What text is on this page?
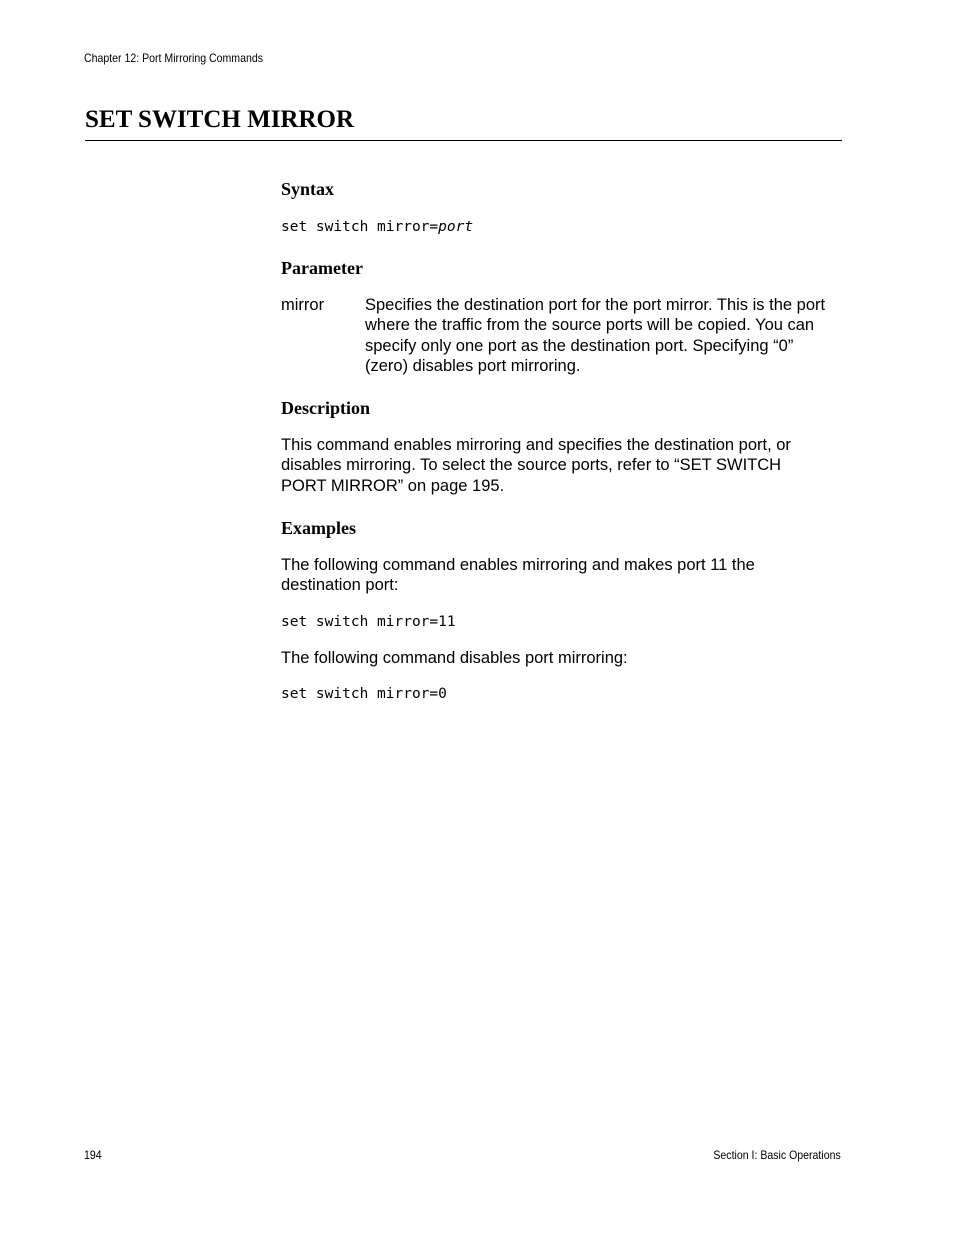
Chapter 12: Port Mirroring Commands
SET SWITCH MIRROR
Syntax

set switch mirror=port

Parameter
mirror	Specifies the destination port for the port mirror. This is the port
where the traffic from the source ports will be copied. You can
specify only one port as the destination port. Specifying “0”
(zero) disables port mirroring.
Description
This command enables mirroring and specifies the destination port, or
disables mirroring. To select the source ports, refer to “SET SWITCH
PORT MIRROR” on page 195.
Examples
The following command enables mirroring and makes port 11 the
destination port:

set switch mirror=11

The following command disables port mirroring:

set switch mirror=0

194	Section I: Basic Operations
